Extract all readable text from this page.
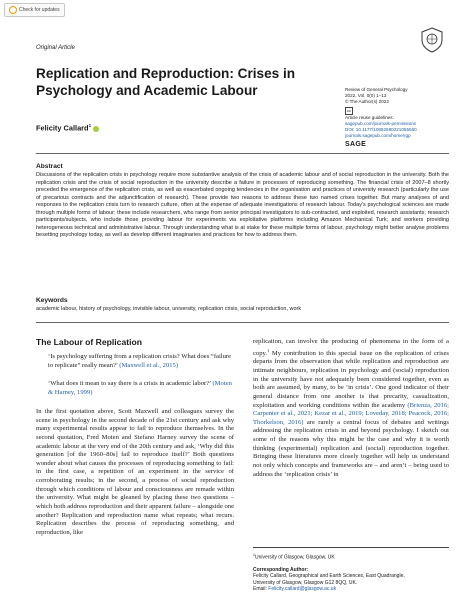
Check for updates
Original Article
Review of General Psychology
2022, Vol. 0(0) 1–13
© The Author(s) 2022
cc
Article reuse guidelines:
sagepub.com/journals-permissions
DOI: 10.1177/10892680221055660
journals.sagepub.com/home/rgp
SAGE
Replication and Reproduction: Crises in
Psychology and Academic Labour
Felicity Callard$^1$
Abstract
Discussions of the replication crisis in psychology require more substantive analysis of the crisis of academic labour and of social reproduction in the university. Both the replication crisis and the crisis of social reproduction in the university describe a failure in processes of reproducing something. The financial crisis of 2007–8 shortly preceded the emergence of the replication crisis, as well as exacerbated ongoing tendencies in the organisation and practices of university research (particularly the use of precarious contracts and the adjunctification of research). These provide two reasons to address these two named crises together. But many analyses of and responses to the replication crisis turn to research culture, often at the expense of adequate investigations of research labour. Today's psychological sciences are made through multiple forms of labour: these include researchers, who range from senior principal investigators to sub-contracted, and exploited, research assistants; research participants/subjects, who include those providing labour for experiments via exploitative platforms including Amazon Mechanical Turk; and workers providing heterogeneous technical and administrative labour. Through understanding what is at stake for these multiple forms of labour, psychology might better analyse problems besetting psychology today, as well as develop different imaginaries and practices for how to address them.
Keywords
academic labour, history of psychology, invisible labour, university, replication crisis, social reproduction, work
The Labour of Replication
‘Is psychology suffering from a replication crisis? What does “failure to replicate” really mean?’ (Maxwell et al., 2015)
‘What does it mean to say there is a crisis in academic labor?’ (Moten & Harney, 1999)
In the first quotation above, Scott Maxwell and colleagues survey the scene in psychology in the second decade of the 21st century and ask why many experimental results appear to fail to reproduce themselves. In the second quotation, Fred Moten and Stefano Harney survey the scene of academic labour at the very end of the 20th century and ask, ‘Why did this generation [of the 1960–80s] fail to reproduce itself?’ Both questions wonder about what causes the processes of reproducing something to fail: in the first case, a repetition of an experiment in the service of corroborating results; in the second, a process of social reproduction through which conditions of labour and consciousness are remade within the university. What might be gleaned by placing these two questions – which both address reproduction and their apparent failure – alongside one another? Replication and reproduction name what repeats; what recurs. Replication describes the process of reproducing something, and reproduction, like
replication, can involve the producing of phenomena in the form of a copy.$^1$ My contribution to this special issue on the replication of crises departs from the observation that while replication and reproduction are intimate neighbours, replication in psychology and (social) reproduction in the university have not adequately been considered together, even as both are assumed, by many, to be ‘in crisis’. One good indicator of their general distance from one another is that precarity, casualization, exploitation and working conditions within the academy (Brienza, 2016; Carpenter et al., 2021; Kezar et al., 2019; Loveday, 2018; Peacock, 2016; Thorkelson, 2016) are rarely a central focus of debates and writings addressing the replication crisis in and beyond psychology. I sketch out some of the reasons why this might be the case and why it is worth thinking (experimental) replication and (social) reproduction together. Bringing these literatures more closely together will help us understand not only which concepts and frameworks are – and aren’t – being used to address the ‘replication crisis’ in
$^1$University of Glasgow, Glasgow, UK
Corresponding Author:
Felicity Callard, Geographical and Earth Sciences, East Quadrangle,
University of Glasgow, Glasgow G12 8QQ, UK.
Email: Felicity.callard@glasgow.ac.uk
